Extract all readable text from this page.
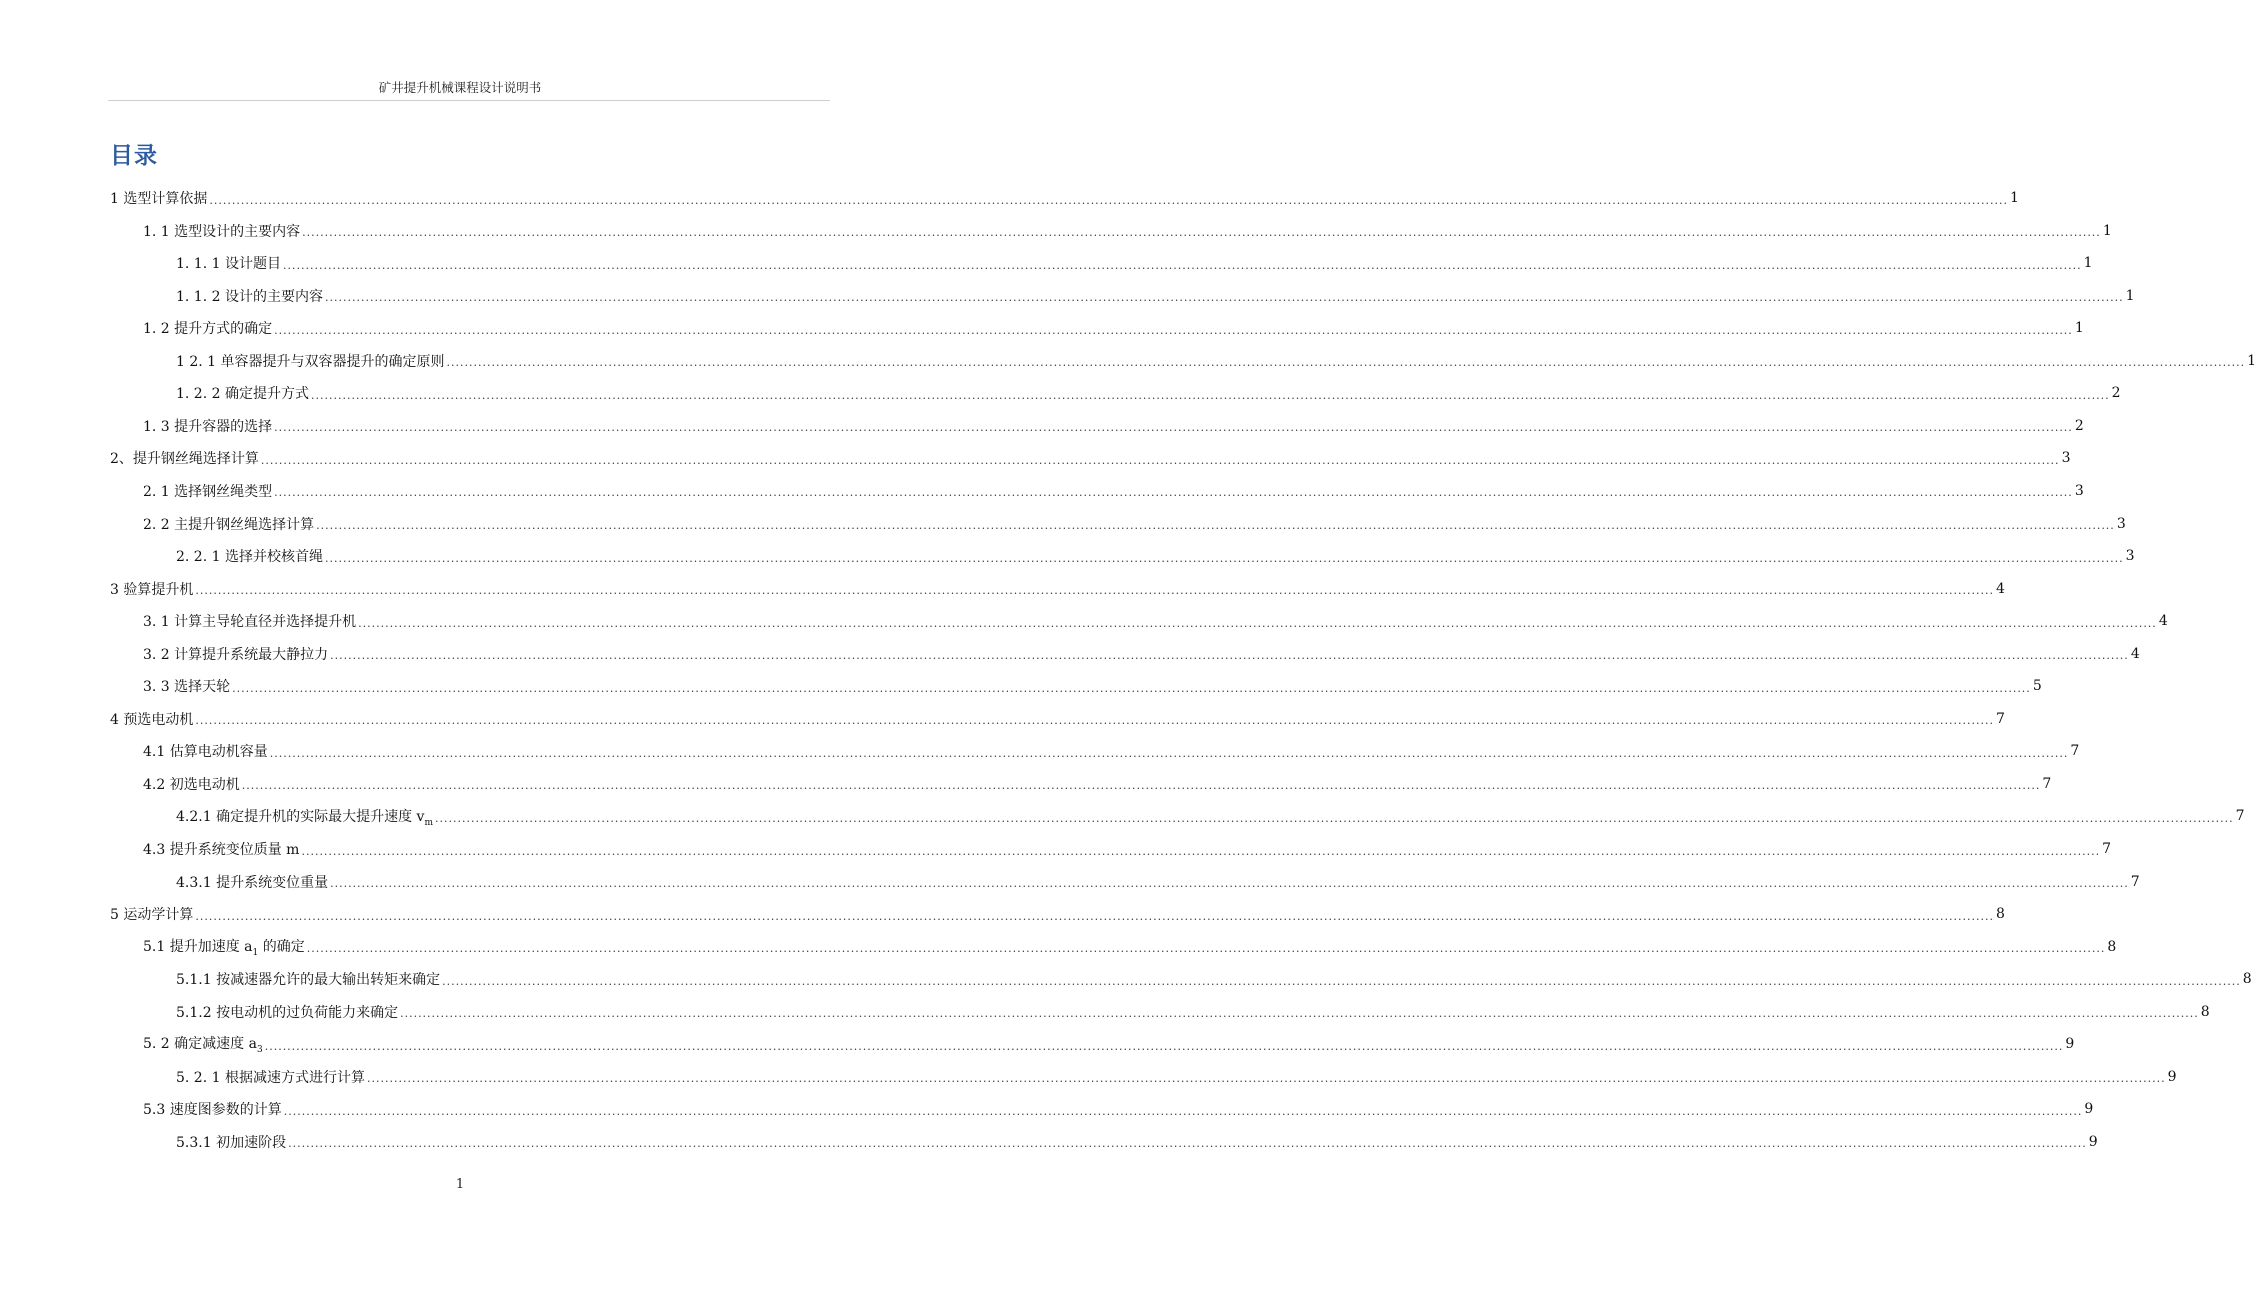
矿井提升机械课程设计说明书
目录
1 选型计算依据 ................................................................................................................................................................................................................................................................................................................................................................................................................ 1
1. 1 选型设计的主要内容 ................................................................................................................................................................................................................................................................................................................................................................................................................ 1
1. 1. 1 设计题目 ................................................................................................................................................................................................................................................................................................................................................................................................................ 1
1. 1. 2 设计的主要内容 ................................................................................................................................................................................................................................................................................................................................................................................................................ 1
1. 2 提升方式的确定 ................................................................................................................................................................................................................................................................................................................................................................................................................ 1
1 2. 1 单容器提升与双容器提升的确定原则 ................................................................................................................................................................................................................................................................................................................................................................................................................ 1
1. 2. 2 确定提升方式 ................................................................................................................................................................................................................................................................................................................................................................................................................ 2
1. 3 提升容器的选择 ................................................................................................................................................................................................................................................................................................................................................................................................................ 2
2、提升钢丝绳选择计算 ................................................................................................................................................................................................................................................................................................................................................................................................................ 3
2. 1 选择钢丝绳类型 ................................................................................................................................................................................................................................................................................................................................................................................................................ 3
2. 2 主提升钢丝绳选择计算 ................................................................................................................................................................................................................................................................................................................................................................................................................ 3
2. 2. 1 选择并校核首绳 ................................................................................................................................................................................................................................................................................................................................................................................................................ 3
3 验算提升机 ................................................................................................................................................................................................................................................................................................................................................................................................................ 4
3. 1 计算主导轮直径并选择提升机 ................................................................................................................................................................................................................................................................................................................................................................................................................ 4
3. 2 计算提升系统最大静拉力 ................................................................................................................................................................................................................................................................................................................................................................................................................ 4
3. 3 选择天轮 ................................................................................................................................................................................................................................................................................................................................................................................................................ 5
4 预选电动机 ................................................................................................................................................................................................................................................................................................................................................................................................................ 7
4.1 估算电动机容量 ................................................................................................................................................................................................................................................................................................................................................................................................................ 7
4.2 初选电动机 ................................................................................................................................................................................................................................................................................................................................................................................................................ 7
4.2.1 确定提升机的实际最大提升速度 $v_m$ ................................................................................................................................................................................................................................................................................................................................................................................................................ 7
4.3 提升系统变位质量 m ................................................................................................................................................................................................................................................................................................................................................................................................................ 7
4.3.1 提升系统变位重量 ................................................................................................................................................................................................................................................................................................................................................................................................................ 7
5 运动学计算 ................................................................................................................................................................................................................................................................................................................................................................................................................ 8
5.1 提升加速度 $a_1$ 的确定 ................................................................................................................................................................................................................................................................................................................................................................................................................ 8
5.1.1 按减速器允许的最大输出转矩来确定 ................................................................................................................................................................................................................................................................................................................................................................................................................ 8
5.1.2 按电动机的过负荷能力来确定 ................................................................................................................................................................................................................................................................................................................................................................................................................ 8
5. 2 确定减速度 $a_3$ ................................................................................................................................................................................................................................................................................................................................................................................................................ 9
5. 2. 1 根据减速方式进行计算 ................................................................................................................................................................................................................................................................................................................................................................................................................ 9
5.3 速度图参数的计算 ................................................................................................................................................................................................................................................................................................................................................................................................................ 9
5.3.1 初加速阶段 ................................................................................................................................................................................................................................................................................................................................................................................................................ 9
1
